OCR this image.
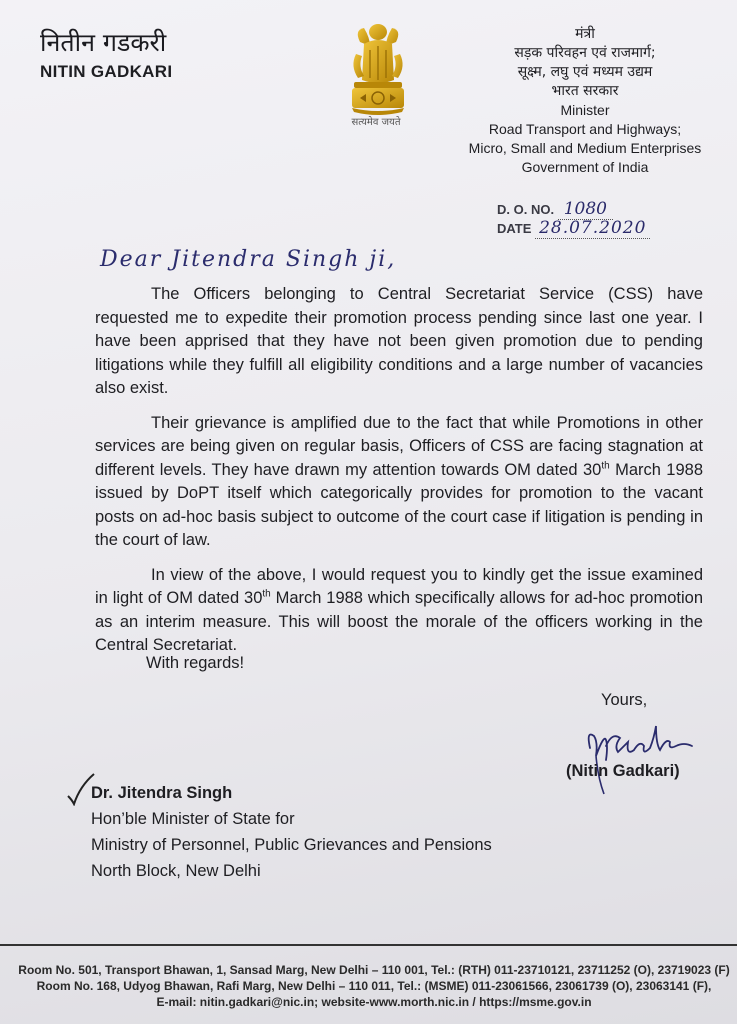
नितीन गडकरी
NITIN GADKARI
सत्यमेव जयते
मंत्री
सड़क परिवहन एवं राजमार्ग;
सूक्ष्म, लघु एवं मध्यम उद्यम
भारत सरकार
Minister
Road Transport and Highways;
Micro, Small and Medium Enterprises
Government of India
D. O. NO. 1080
DATE 28.07.2020
Dear Jitendra Singh ji,

The Officers belonging to Central Secretariat Service (CSS) have requested me to expedite their promotion process pending since last one year. I have been apprised that they have not been given promotion due to pending litigations while they fulfill all eligibility conditions and a large number of vacancies also exist.

Their grievance is amplified due to the fact that while Promotions in other services are being given on regular basis, Officers of CSS are facing stagnation at different levels. They have drawn my attention towards OM dated 30th March 1988 issued by DoPT itself which categorically provides for promotion to the vacant posts on ad-hoc basis subject to outcome of the court case if litigation is pending in the court of law.

In view of the above, I would request you to kindly get the issue examined in light of OM dated 30th March 1988 which specifically allows for ad-hoc promotion as an interim measure. This will boost the morale of the officers working in the Central Secretariat.

With regards!
Yours,
(Nitin Gadkari)
Dr. Jitendra Singh
Hon’ble Minister of State for
Ministry of Personnel, Public Grievances and Pensions
North Block, New Delhi
Room No. 501, Transport Bhawan, 1, Sansad Marg, New Delhi – 110 001, Tel.: (RTH) 011-23710121, 23711252 (O), 23719023 (F)
Room No. 168, Udyog Bhawan, Rafi Marg, New Delhi – 110 011, Tel.: (MSME) 011-23061566, 23061739 (O), 23063141 (F),
E-mail: nitin.gadkari@nic.in; website-www.morth.nic.in / https://msme.gov.in
